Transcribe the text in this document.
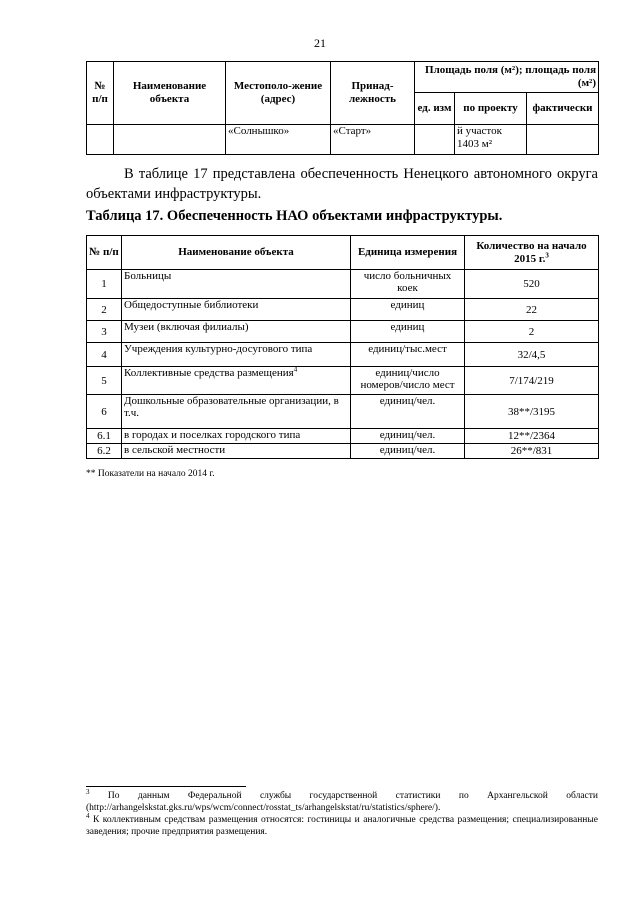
21
№ п/п	Наименование объекта	Местополо-жение (адрес)	Принад-лежность	Площадь поля (м²); площадь поля (м²)		
				ед. изм	по проекту	фактически
		«Солнышко»	«Старт»		й участок
1403 м²	

В таблице 17 представлена обеспеченность Ненецкого автономного округа объектами инфраструктуры.

Таблица 17. Обеспеченность НАО объектами инфраструктуры.

№ п/п	Наименование объекта	Единица измерения	Количество на начало 2015 г.$^3$
1	Больницы	число больничных коек	520
2	Общедоступные библиотеки	единиц	22
3	Музеи (включая филиалы)	единиц	2
4	Учреждения культурно-досугового типа	единиц/тыс.мест	32/4,5
5	Коллективные средства размещения$^4$	единиц/число номеров/число мест	7/174/219
6	Дошкольные образовательные организации, в т.ч.	единиц/чел.	38**/3195
6.1	в городах и поселках городского типа	единиц/чел.	12**/2364
6.2	в сельской местности	единиц/чел.	26**/831

** Показатели на начало 2014 г.

$^3$ По данным Федеральной службы государственной статистики по Архангельской области (http://arhangelskstat.gks.ru/wps/wcm/connect/rosstat_ts/arhangelskstat/ru/statistics/sphere/).

$^4$ К коллективным средствам размещения относятся: гостиницы и аналогичные средства размещения; специализированные заведения; прочие предприятия размещения.
